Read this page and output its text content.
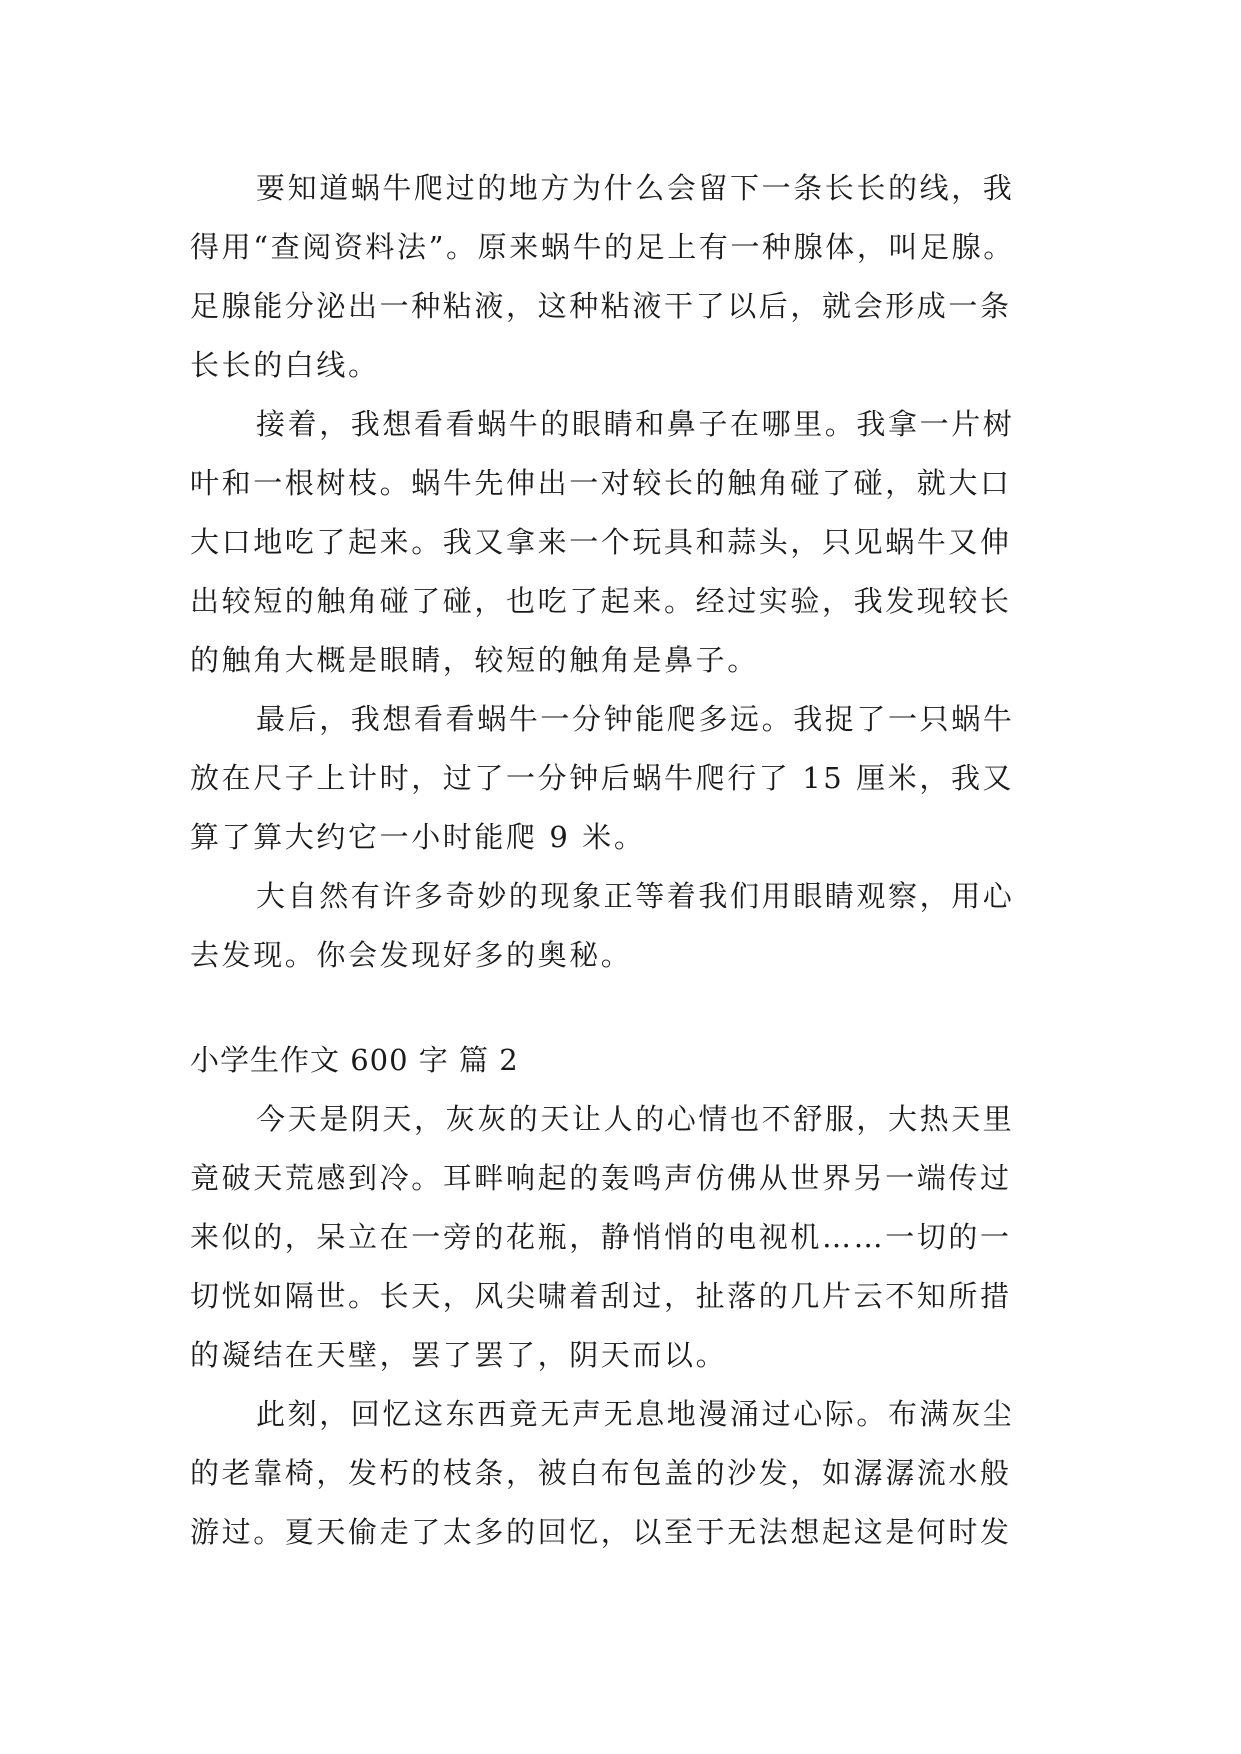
要知道蜗牛爬过的地方为什么会留下一条长长的线，我
得用“查阅资料法”。原来蜗牛的足上有一种腺体，叫足腺。
足腺能分泌出一种粘液，这种粘液干了以后，就会形成一条
长长的白线。
接着，我想看看蜗牛的眼睛和鼻子在哪里。我拿一片树
叶和一根树枝。蜗牛先伸出一对较长的触角碰了碰，就大口
大口地吃了起来。我又拿来一个玩具和蒜头，只见蜗牛又伸
出较短的触角碰了碰，也吃了起来。经过实验，我发现较长
的触角大概是眼睛，较短的触角是鼻子。
最后，我想看看蜗牛一分钟能爬多远。我捉了一只蜗牛
放在尺子上计时，过了一分钟后蜗牛爬行了 15 厘米，我又
算了算大约它一小时能爬 9 米。
大自然有许多奇妙的现象正等着我们用眼睛观察，用心
去发现。你会发现好多的奥秘。
小学生作文 600 字 篇 2
今天是阴天，灰灰的天让人的心情也不舒服，大热天里
竟破天荒感到冷。耳畔响起的轰鸣声仿佛从世界另一端传过
来似的，呆立在一旁的花瓶，静悄悄的电视机……一切的一
切恍如隔世。长天，风尖啸着刮过，扯落的几片云不知所措
的凝结在天壁，罢了罢了，阴天而以。
此刻，回忆这东西竟无声无息地漫涌过心际。布满灰尘
的老靠椅，发朽的枝条，被白布包盖的沙发，如潺潺流水般
游过。夏天偷走了太多的回忆，以至于无法想起这是何时发
